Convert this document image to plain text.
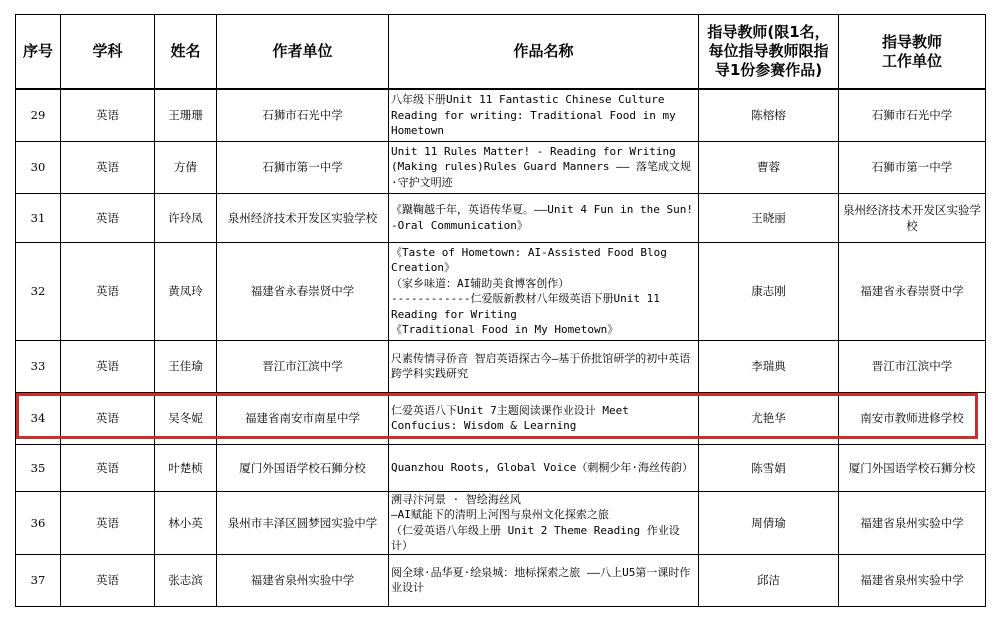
序号	学科	姓名	作者单位	作品名称	指导教师(限1名，每位指导教师限指导1份参赛作品)	指导教师
工作单位
29	英语	王珊珊	石狮市石光中学	八年级下册Unit 11 Fantastic Chinese Culture Reading for writing: Traditional Food in my Hometown	陈榕榕	石狮市石光中学
30	英语	方倩	石狮市第一中学	Unit 11 Rules Matter! - Reading for Writing (Making rules)Rules Guard Manners —— 落笔成文规·守护文明迹	曹蓉	石狮市第一中学
31	英语	许玲凤	泉州经济技术开发区实验学校	《蹴鞠越千年，英语传华夏。——Unit 4 Fun in the Sun! -Oral Communication》	王晓丽	泉州经济技术开发区实验学校
32	英语	黄凤玲	福建省永春崇贤中学	《Taste of Hometown: AI-Assisted Food Blog Creation》
（家乡味道：AI辅助美食博客创作）
------------仁爱版新教材八年级英语下册Unit 11 Reading for Writing
《Traditional Food in My Hometown》	康志刚	福建省永春崇贤中学
33	英语	王佳瑜	晋江市江滨中学	尺素传情寻侨音 智启英语探古今—基于侨批馆研学的初中英语跨学科实践研究	李瑞典	晋江市江滨中学
34	英语	吴冬妮	福建省南安市南星中学	仁爱英语八下Unit 7主题阅读课作业设计 Meet Confucius: Wisdom & Learning	尤艳华	南安市教师进修学校
35	英语	叶楚桢	厦门外国语学校石狮分校	Quanzhou Roots, Global Voice（刺桐少年·海丝传韵）	陈雪娟	厦门外国语学校石狮分校
36	英语	林小英	泉州市丰泽区圆梦园实验中学	溯寻汴河景 · 智绘海丝风
—AI赋能下的清明上河图与泉州文化探索之旅
（仁爱英语八年级上册 Unit 2 Theme Reading 作业设计）	周倩瑜	福建省泉州实验中学
37	英语	张志滨	福建省泉州实验中学	阅全球·品华夏·绘泉城：地标探索之旅 ——八上U5第一课时作业设计	邱洁	福建省泉州实验中学
